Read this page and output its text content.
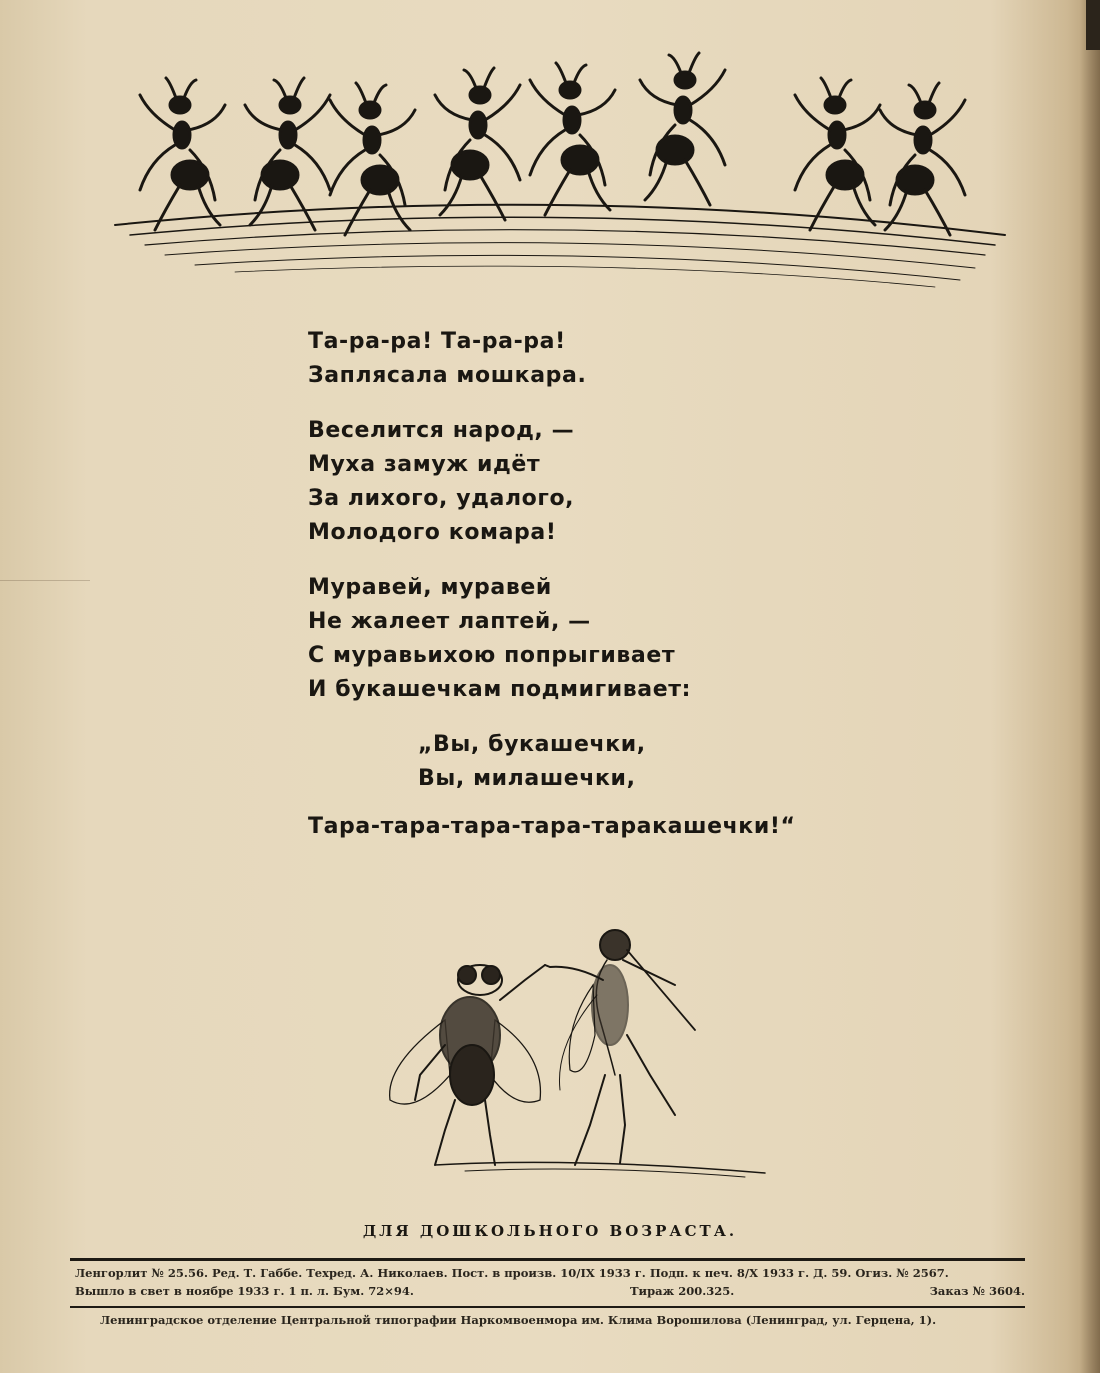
Та-ра-ра! Та-ра-ра!
Заплясала мошкара.
Веселится народ, —
Муха замуж идёт
За лихого, удалого,
Молодого комара!
Муравей, муравей
Не жалеет лаптей, —
С муравьихою попрыгивает
И букашечкам подмигивает:
„Вы, букашечки,
Вы, милашечки,
Тара-тара-тара-тара-таракашечки!“
ДЛЯ ДОШКОЛЬНОГО ВОЗРАСТА.
Ленгорлит № 25.56. Ред. Т. Габбе. Техред. А. Николаев. Пост. в произв. 10/IX 1933 г. Подп. к печ. 8/X 1933 г. Д. 59. Огиз. № 2567.
Вышло в свет в ноябре 1933 г. 1 п. л. Бум. 72×94.	Тираж 200.325.	Заказ № 3604.
Ленинградское отделение Центральной типографии Наркомвоенмора им. Клима Ворошилова (Ленинград, ул. Герцена, 1).
